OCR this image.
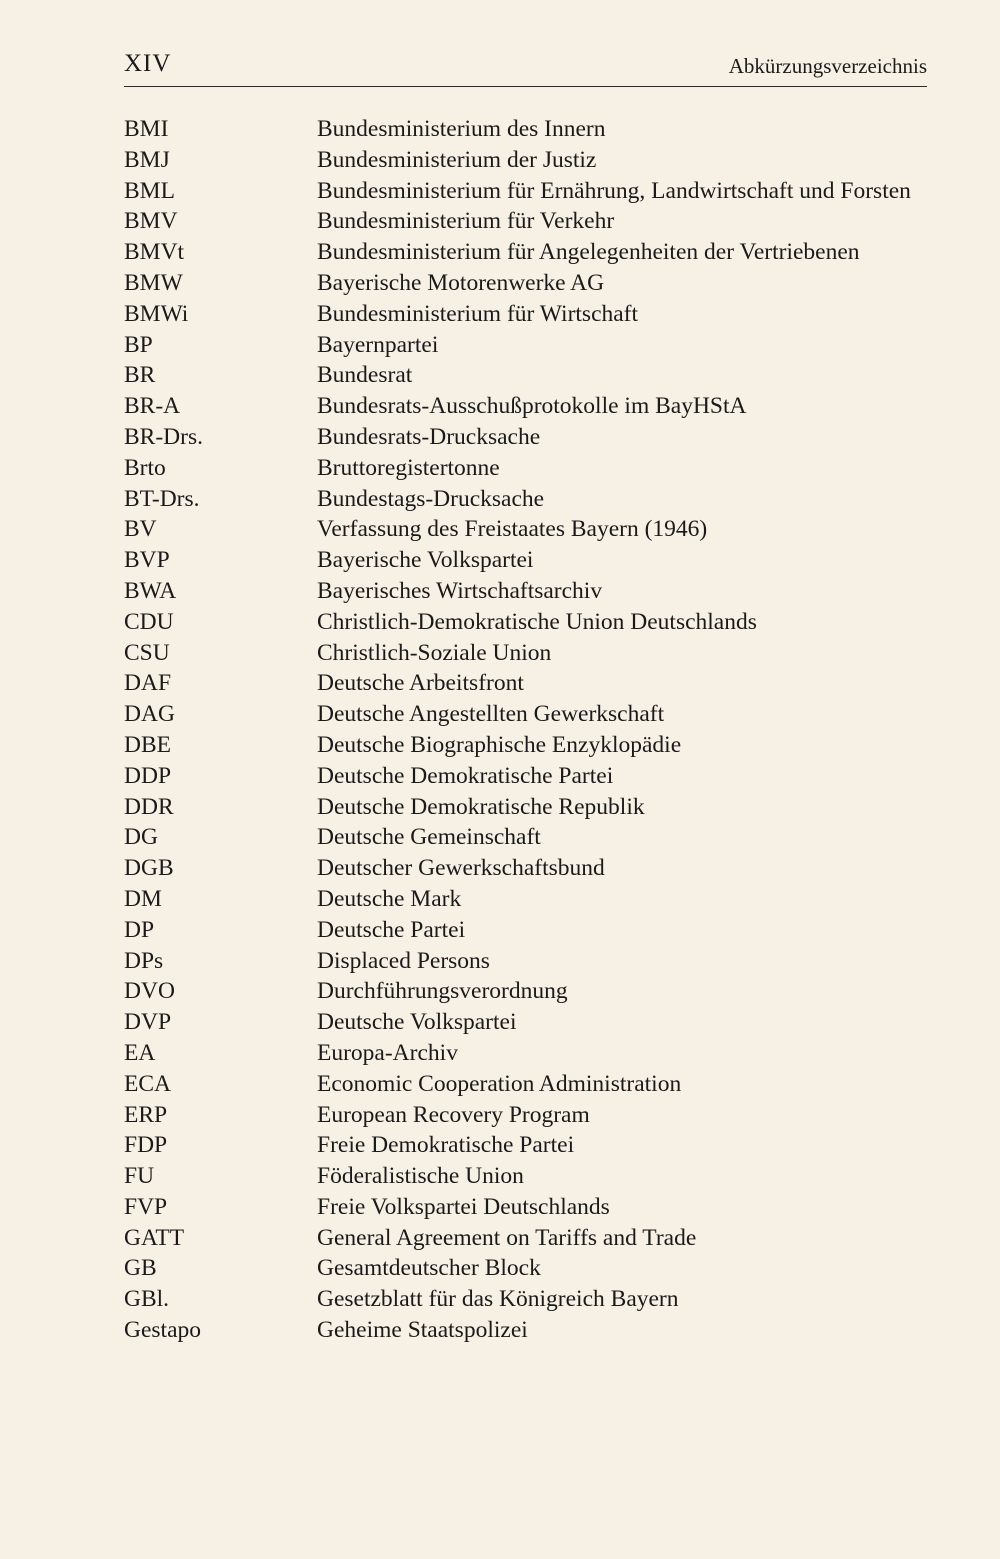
XIV	Abkürzungsverzeichnis
BMI	Bundesministerium des Innern
BMJ	Bundesministerium der Justiz
BML	Bundesministerium für Ernährung, Landwirtschaft und Forsten
BMV	Bundesministerium für Verkehr
BMVt	Bundesministerium für Angelegenheiten der Vertriebenen
BMW	Bayerische Motorenwerke AG
BMWi	Bundesministerium für Wirtschaft
BP	Bayernpartei
BR	Bundesrat
BR-A	Bundesrats-Ausschußprotokolle im BayHStA
BR-Drs.	Bundesrats-Drucksache
Brto	Bruttoregistertonne
BT-Drs.	Bundestags-Drucksache
BV	Verfassung des Freistaates Bayern (1946)
BVP	Bayerische Volkspartei
BWA	Bayerisches Wirtschaftsarchiv
CDU	Christlich-Demokratische Union Deutschlands
CSU	Christlich-Soziale Union
DAF	Deutsche Arbeitsfront
DAG	Deutsche Angestellten Gewerkschaft
DBE	Deutsche Biographische Enzyklopädie
DDP	Deutsche Demokratische Partei
DDR	Deutsche Demokratische Republik
DG	Deutsche Gemeinschaft
DGB	Deutscher Gewerkschaftsbund
DM	Deutsche Mark
DP	Deutsche Partei
DPs	Displaced Persons
DVO	Durchführungsverordnung
DVP	Deutsche Volkspartei
EA	Europa-Archiv
ECA	Economic Cooperation Administration
ERP	European Recovery Program
FDP	Freie Demokratische Partei
FU	Föderalistische Union
FVP	Freie Volkspartei Deutschlands
GATT	General Agreement on Tariffs and Trade
GB	Gesamtdeutscher Block
GBl.	Gesetzblatt für das Königreich Bayern
Gestapo	Geheime Staatspolizei
